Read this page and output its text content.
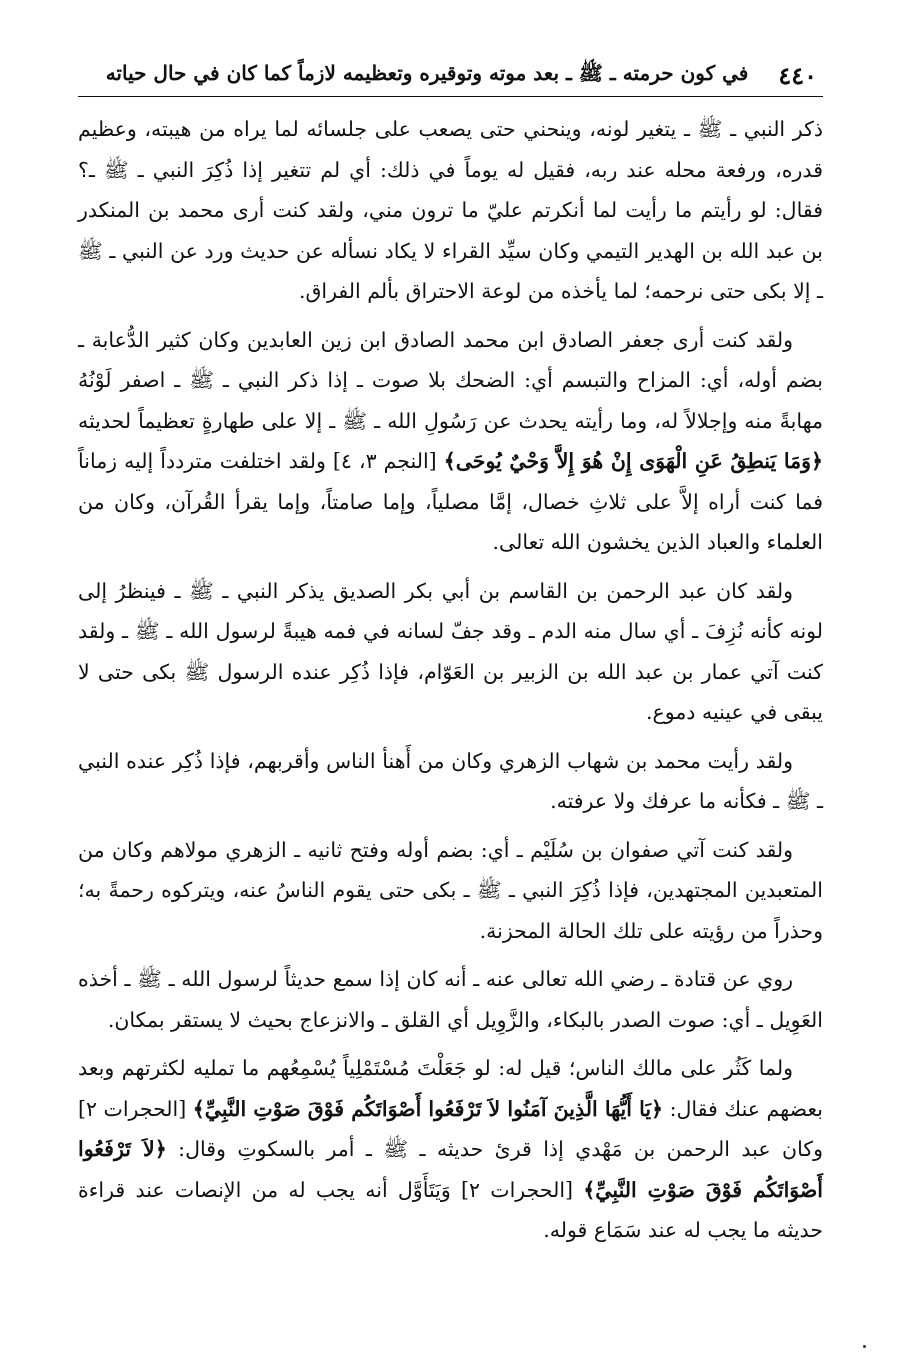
٤٤٠
في كون حرمته ـ ﷺ ـ بعد موته وتوقيره وتعظيمه لازماً كما كان في حال حياته

ذكر النبي ـ ﷺ ـ يتغير لونه، وينحني حتى يصعب على جلسائه لما يراه من هيبته، وعظيم قدره، ورفعة محله عند ربه، فقيل له يوماً في ذلك: أي لم تتغير إذا ذُكِرَ النبي ـ ﷺ ـ؟ فقال: لو رأيتم ما رأيت لما أنكرتم عليّ ما ترون مني، ولقد كنت أرى محمد بن المنكدر بن عبد الله بن الهدير التيمي وكان سيِّد القراء لا يكاد نسأله عن حديث ورد عن النبي ـ ﷺ ـ إلا بكى حتى نرحمه؛ لما يأخذه من لوعة الاحتراق بألم الفراق.

ولقد كنت أرى جعفر الصادق ابن محمد الصادق ابن زين العابدين وكان كثير الدُّعابة ـ بضم أوله، أي: المزاح والتبسم أي: الضحك بلا صوت ـ إذا ذكر النبي ـ ﷺ ـ اصفر لَوْنُهُ مهابةً منه وإجلالاً له، وما رأيته يحدث عن رَسُولِ الله ـ ﷺ ـ إلا على طهارةٍ تعظيماً لحديثه ﴿وَمَا يَنطِقُ عَنِ الْهَوَى إِنْ هُوَ إِلاَّ وَحْيٌ يُوحَى﴾ [النجم ٣، ٤] ولقد اختلفت متردداً إليه زماناً فما كنت أراه إلاَّ على ثلاثِ خصال، إمَّا مصلياً، وإما صامتاً، وإما يقرأ القُرآن، وكان من العلماء والعباد الذين يخشون الله تعالى.

ولقد كان عبد الرحمن بن القاسم بن أبي بكر الصديق يذكر النبي ـ ﷺ ـ فينظرُ إلى لونه كأنه نُزِفَ ـ أي سال منه الدم ـ وقد جفّ لسانه في فمه هيبةً لرسول الله ـ ﷺ ـ ولقد كنت آتي عمار بن عبد الله بن الزبير بن العَوّام، فإذا ذُكِر عنده الرسول ﷺ بكى حتى لا يبقى في عينيه دموع.

ولقد رأيت محمد بن شهاب الزهري وكان من أَهنأ الناس وأقربهم، فإذا ذُكِر عنده النبي ـ ﷺ ـ فكأنه ما عرفك ولا عرفته.

ولقد كنت آتي صفوان بن سُلَيْم ـ أي: بضم أوله وفتح ثانيه ـ الزهري مولاهم وكان من المتعبدين المجتهدين، فإذا ذُكِرَ النبي ـ ﷺ ـ بكى حتى يقوم الناسُ عنه، ويتركوه رحمةً به؛ وحذراً من رؤيته على تلك الحالة المحزنة.

روي عن قتادة ـ رضي الله تعالى عنه ـ أنه كان إذا سمع حديثاً لرسول الله ـ ﷺ ـ أخذه العَوِيل ـ أي: صوت الصدر بالبكاء، والزَّوِيل أي القلق ـ والانزعاج بحيث لا يستقر بمكان.

ولما كَثُر على مالك الناس؛ قيل له: لو جَعَلْتَ مُسْتَمْلِياً يُسْمِعُهم ما تمليه لكثرتهم وبعد بعضهم عنك فقال: ﴿يَا أَيُّهَا الَّذِينَ آمَنُوا لاَ تَرْفَعُوا أَصْوَاتَكُم فَوْقَ صَوْتِ النَّبِيِّ﴾ [الحجرات ٢] وكان عبد الرحمن بن مَهْدي إذا قرئ حديثه ـ ﷺ ـ أمر بالسكوتِ وقال: ﴿لاَ تَرْفَعُوا أَصْوَاتَكُم فَوْقَ صَوْتِ النَّبِيِّ﴾ [الحجرات ٢] وَيَتَأَوَّل أنه يجب له من الإنصات عند قراءة حديثه ما يجب له عند سَمَاع قوله.
